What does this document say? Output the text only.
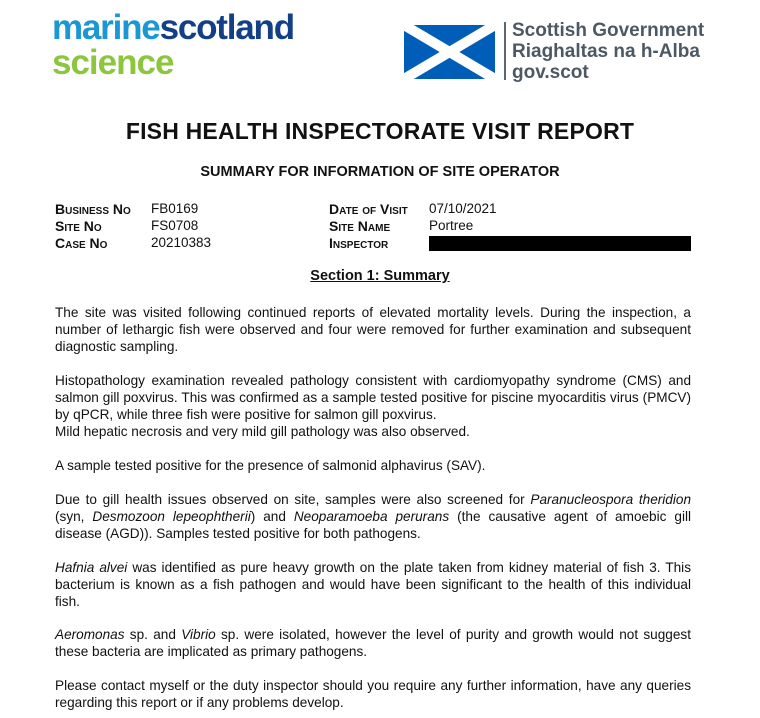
marinescotland
science
Scottish Government
Riaghaltas na h-Alba
gov.scot
FISH HEALTH INSPECTORATE VISIT REPORT
SUMMARY FOR INFORMATION OF SITE OPERATOR
Business No FB0169
Site No	FS0708
Case No	20210383
Date of Visit 07/10/2021
Site Name	Portree
Inspector
Section 1: Summary

The site was visited following continued reports of elevated mortality levels. During the inspection, a number of lethargic fish were observed and four were removed for further examination and subsequent diagnostic sampling.

Histopathology examination revealed pathology consistent with cardiomyopathy syndrome (CMS) and salmon gill poxvirus. This was confirmed as a sample tested positive for piscine myocarditis virus (PMCV) by qPCR, while three fish were positive for salmon gill poxvirus.
Mild hepatic necrosis and very mild gill pathology was also observed.

A sample tested positive for the presence of salmonid alphavirus (SAV).

Due to gill health issues observed on site, samples were also screened for Paranucleospora theridion (syn, Desmozoon lepeophtherii) and Neoparamoeba perurans (the causative agent of amoebic gill disease (AGD)). Samples tested positive for both pathogens.

Hafnia alvei was identified as pure heavy growth on the plate taken from kidney material of fish 3. This bacterium is known as a fish pathogen and would have been significant to the health of this individual fish.

Aeromonas sp. and Vibrio sp. were isolated, however the level of purity and growth would not suggest these bacteria are implicated as primary pathogens.

Please contact myself or the duty inspector should you require any further information, have any queries regarding this report or if any problems develop.
